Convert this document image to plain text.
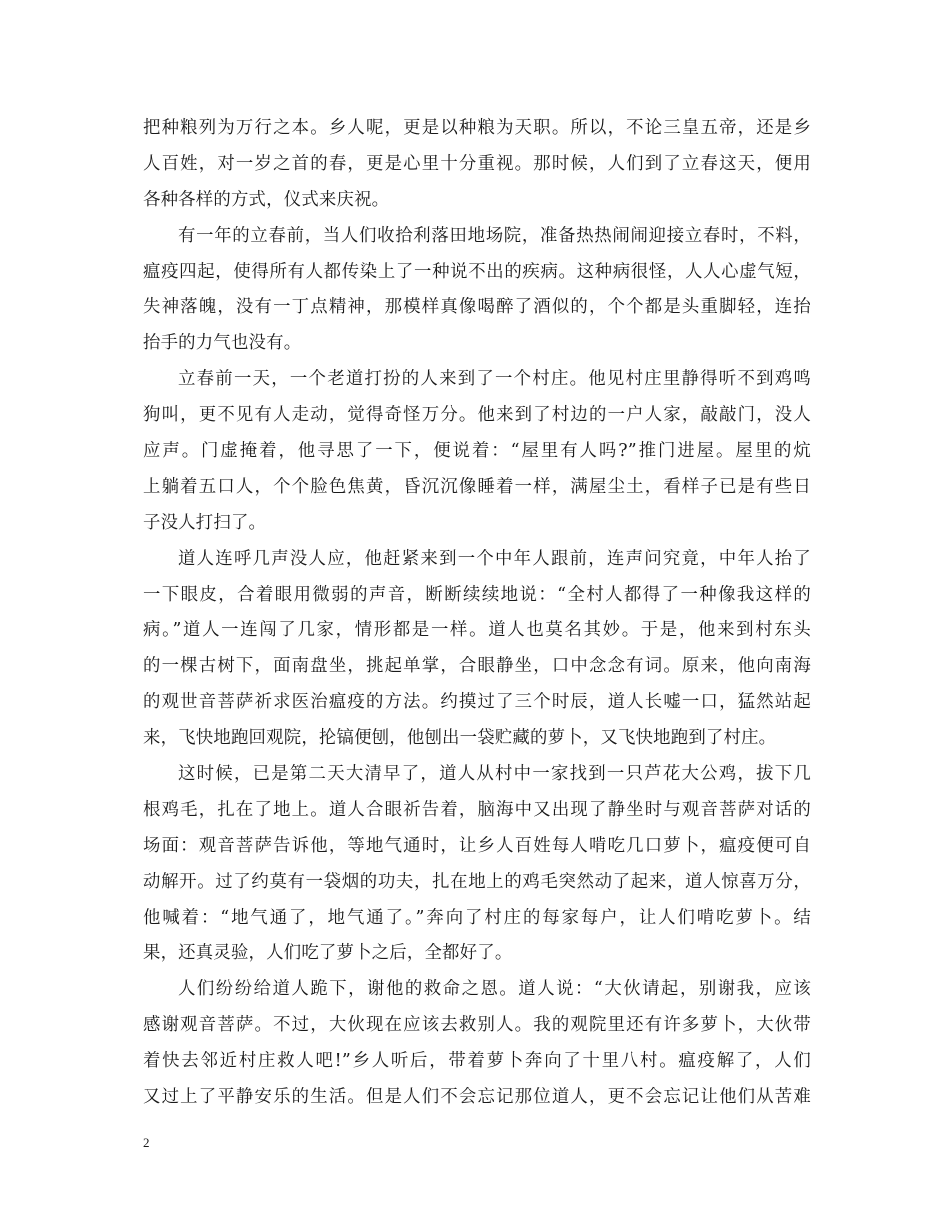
把种粮列为万行之本。乡人呢，更是以种粮为天职。所以，不论三皇五帝，还是乡
人百姓，对一岁之首的春，更是心里十分重视。那时候，人们到了立春这天，便用
各种各样的方式，仪式来庆祝。
有一年的立春前，当人们收拾利落田地场院，准备热热闹闹迎接立春时，不料，
瘟疫四起，使得所有人都传染上了一种说不出的疾病。这种病很怪，人人心虚气短，
失神落魄，没有一丁点精神，那模样真像喝醉了酒似的，个个都是头重脚轻，连抬
抬手的力气也没有。
立春前一天，一个老道打扮的人来到了一个村庄。他见村庄里静得听不到鸡鸣
狗叫，更不见有人走动，觉得奇怪万分。他来到了村边的一户人家，敲敲门，没人
应声。门虚掩着，他寻思了一下，便说着：“屋里有人吗?”推门进屋。屋里的炕
上躺着五口人，个个脸色焦黄，昏沉沉像睡着一样，满屋尘土，看样子已是有些日
子没人打扫了。
道人连呼几声没人应，他赶紧来到一个中年人跟前，连声问究竟，中年人抬了
一下眼皮，合着眼用微弱的声音，断断续续地说：“全村人都得了一种像我这样的
病。”道人一连闯了几家，情形都是一样。道人也莫名其妙。于是，他来到村东头
的一棵古树下，面南盘坐，挑起单掌，合眼静坐，口中念念有词。原来，他向南海
的观世音菩萨祈求医治瘟疫的方法。约摸过了三个时辰，道人长嘘一口，猛然站起
来，飞快地跑回观院，抡镐便刨，他刨出一袋贮藏的萝卜，又飞快地跑到了村庄。
这时候，已是第二天大清早了，道人从村中一家找到一只芦花大公鸡，拔下几
根鸡毛，扎在了地上。道人合眼祈告着，脑海中又出现了静坐时与观音菩萨对话的
场面：观音菩萨告诉他，等地气通时，让乡人百姓每人啃吃几口萝卜，瘟疫便可自
动解开。过了约莫有一袋烟的功夫，扎在地上的鸡毛突然动了起来，道人惊喜万分，
他喊着：“地气通了，地气通了。”奔向了村庄的每家每户，让人们啃吃萝卜。结
果，还真灵验，人们吃了萝卜之后，全都好了。
人们纷纷给道人跪下，谢他的救命之恩。道人说：“大伙请起，别谢我，应该
感谢观音菩萨。不过，大伙现在应该去救别人。我的观院里还有许多萝卜，大伙带
着快去邻近村庄救人吧!”乡人听后，带着萝卜奔向了十里八村。瘟疫解了，人们
又过上了平静安乐的生活。但是人们不会忘记那位道人，更不会忘记让他们从苦难
2
